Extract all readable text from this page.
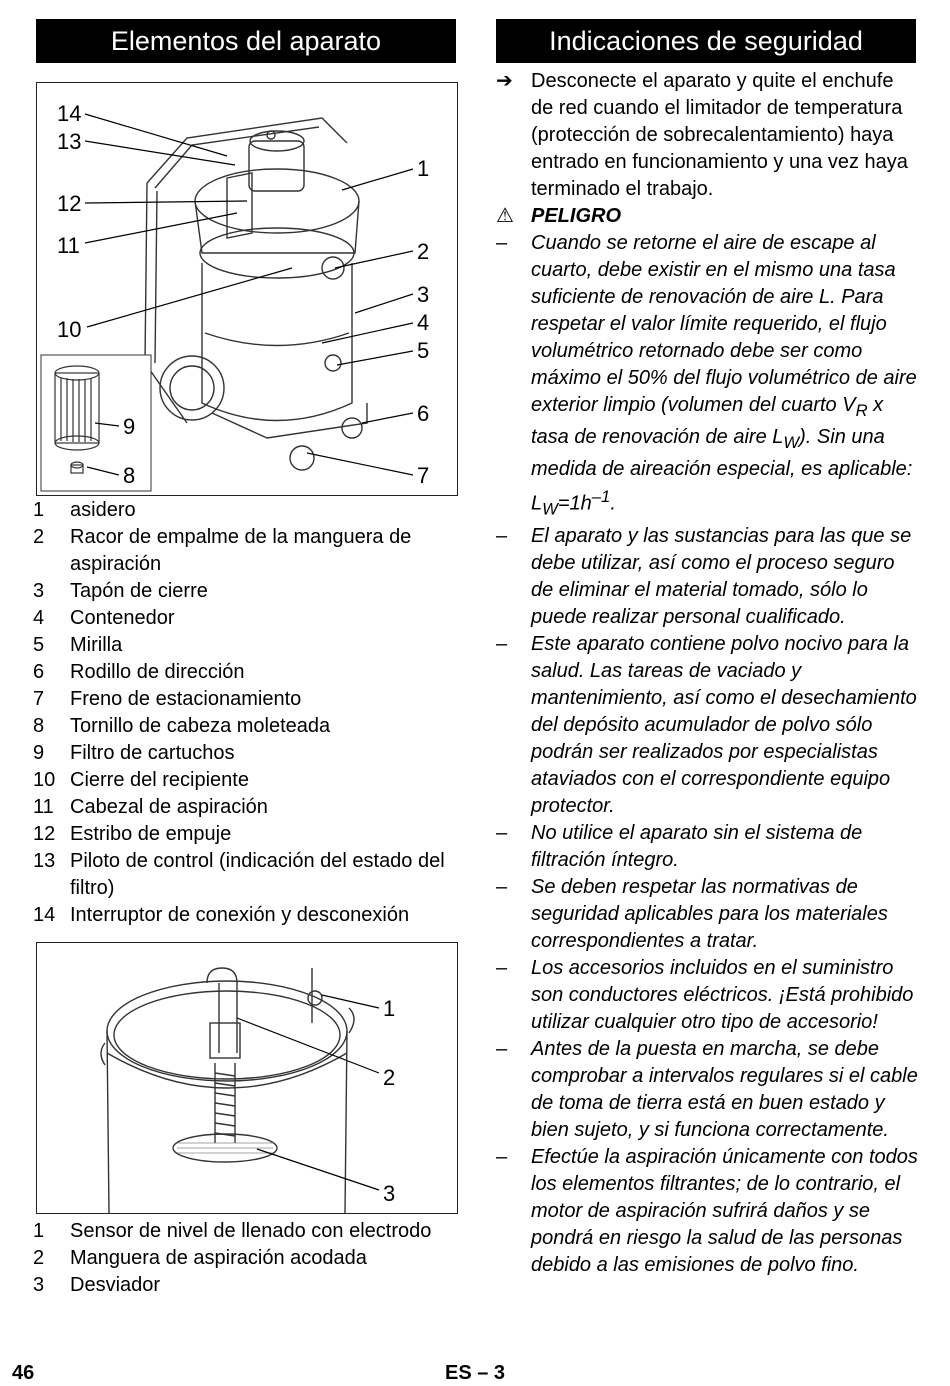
Elementos del aparato	Indicaciones de seguridad
14
13
12
11
10
9
8
1
2
3
4
5
6
7
1	asidero
2	Racor de empalme de la manguera de aspiración
3	Tapón de cierre
4	Contenedor
5	Mirilla
6	Rodillo de dirección
7	Freno de estacionamiento
8	Tornillo de cabeza moleteada
9	Filtro de cartuchos
10 Cierre del recipiente
11 Cabezal de aspiración
12 Estribo de empuje
13 Piloto de control (indicación del estado del filtro)
14 Interruptor de conexión y desconexión
1
2
3
1	Sensor de nivel de llenado con electrodo
2	Manguera de aspiración acodada
3	Desviador
➔ Desconecte el aparato y quite el enchufe de red cuando el limitador de temperatura (protección de sobrecalentamiento) haya entrado en funcionamiento y una vez haya terminado el trabajo.
⚠ PELIGRO
–	Cuando se retorne el aire de escape al cuarto, debe existir en el mismo una tasa suficiente de renovación de aire L. Para respetar el valor límite requerido, el flujo volumétrico retornado debe ser como máximo el 50% del flujo volumétrico de aire exterior limpio (volumen del cuarto $V_R$ x tasa de renovación de aire $L_W$). Sin una medida de aireación especial, es aplicable: $L_W=1h^{-1}$.
–	El aparato y las sustancias para las que se debe utilizar, así como el proceso seguro de eliminar el material tomado, sólo lo puede realizar personal cualificado.
–	Este aparato contiene polvo nocivo para la salud. Las tareas de vaciado y mantenimiento, así como el desechamiento del depósito acumulador de polvo sólo podrán ser realizados por especialistas ataviados con el correspondiente equipo protector.
–	No utilice el aparato sin el sistema de filtración íntegro.
–	Se deben respetar las normativas de seguridad aplicables para los materiales correspondientes a tratar.
–	Los accesorios incluidos en el suministro son conductores eléctricos. ¡Está prohibido utilizar cualquier otro tipo de accesorio!
–	Antes de la puesta en marcha, se debe comprobar a intervalos regulares si el cable de toma de tierra está en buen estado y bien sujeto, y si funciona correctamente.
–	Efectúe la aspiración únicamente con todos los elementos filtrantes; de lo contrario, el motor de aspiración sufrirá daños y se pondrá en riesgo la salud de las personas debido a las emisiones de polvo fino.
46	ES – 3
